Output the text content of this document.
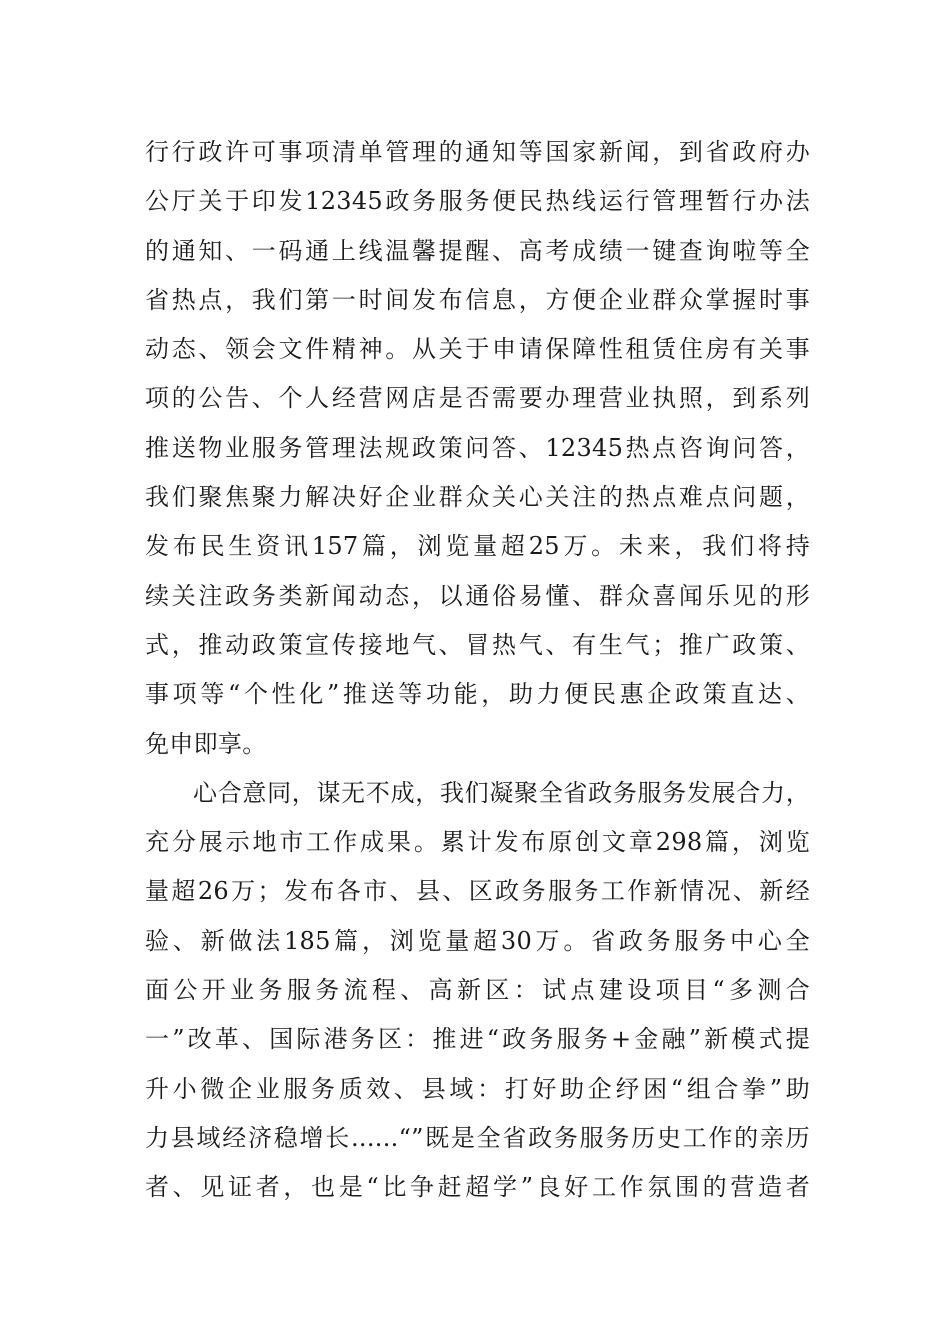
行行政许可事项清单管理的通知等国家新闻，到省政府办
公厅关于印发12345政务服务便民热线运行管理暂行办法
的通知、一码通上线温馨提醒、高考成绩一键查询啦等全
省热点，我们第一时间发布信息，方便企业群众掌握时事
动态、领会文件精神。从关于申请保障性租赁住房有关事
项的公告、个人经营网店是否需要办理营业执照，到系列
推送物业服务管理法规政策问答、12345热点咨询问答，
我们聚焦聚力解决好企业群众关心关注的热点难点问题，
发布民生资讯157篇，浏览量超25万。未来，我们将持
续关注政务类新闻动态，以通俗易懂、群众喜闻乐见的形
式，推动政策宣传接地气、冒热气、有生气；推广政策、
事项等“个性化”推送等功能，助力便民惠企政策直达、
免申即享。
心合意同，谋无不成，我们凝聚全省政务服务发展合力，
充分展示地市工作成果。累计发布原创文章298篇，浏览
量超26万；发布各市、县、区政务服务工作新情况、新经
验、新做法185篇，浏览量超30万。省政务服务中心全
面公开业务服务流程、高新区：试点建设项目“多测合
一”改革、国际港务区：推进“政务服务+金融”新模式提
升小微企业服务质效、县域：打好助企纾困“组合拳”助
力县域经济稳增长......“”既是全省政务服务历史工作的亲历
者、见证者，也是“比争赶超学”良好工作氛围的营造者
